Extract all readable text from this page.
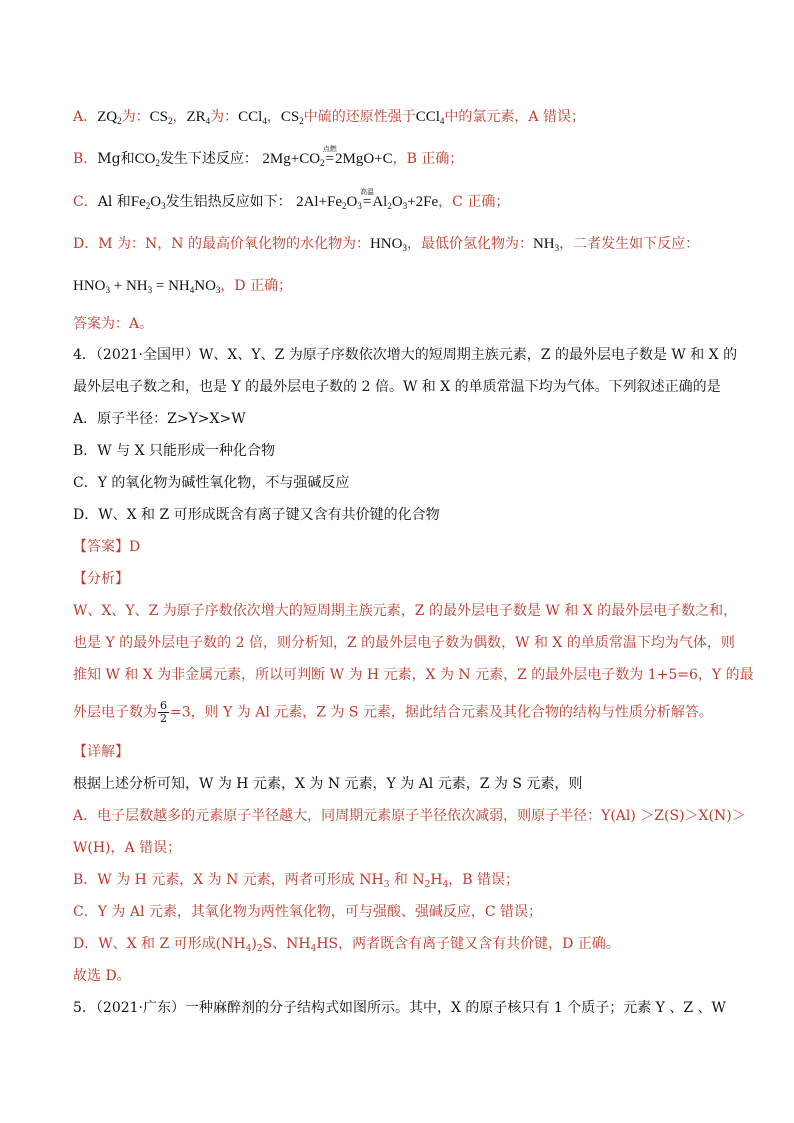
A．$ZQ_2$为：$CS_2$，$ZR_4$为：CCl$_4$，$CS_2$中硫的还原性强于CCl$_4$中的氯元素，A 错误；
B．Mg和$CO_2$发生下述反应： $2Mg+CO_2$
点燃
=2MgO+C，B 正确；
C．Al 和$Fe_2O_3$发生铝热反应如下： $2Al+Fe_2O_3$
高温
$=Al_2O_3+2Fe$，C 正确；
D．M 为：N，N 的最高价氧化物的水化物为：$HNO_3$，最低价氢化物为：$NH_3$，二者发生如下反应：
$HNO_3 + NH_3 = NH_4NO_3$，D 正确；
答案为：A。
4．（2021·全国甲）W、X、Y、Z 为原子序数依次增大的短周期主族元素，Z 的最外层电子数是 W 和 X 的
最外层电子数之和，也是 Y 的最外层电子数的 2 倍。W 和 X 的单质常温下均为气体。下列叙述正确的是
A．原子半径：Z>Y>X>W
B．W 与 X 只能形成一种化合物
C．Y 的氧化物为碱性氧化物，不与强碱反应
D．W、X 和 Z 可形成既含有离子键又含有共价键的化合物
【答案】D
【分析】
W、X、Y、Z 为原子序数依次增大的短周期主族元素，Z 的最外层电子数是 W 和 X 的最外层电子数之和，
也是 Y 的最外层电子数的 2 倍，则分析知，Z 的最外层电子数为偶数，W 和 X 的单质常温下均为气体，则
推知 W 和 X 为非金属元素，所以可判断 W 为 H 元素，X 为 N 元素，Z 的最外层电子数为 1+5=6，Y 的最
外层电子数为 $\frac{6}{2} =3$，则 Y 为 Al 元素，Z 为 S 元素，据此结合元素及其化合物的结构与性质分析解答。
【详解】
根据上述分析可知，W 为 H 元素，X 为 N 元素，Y 为 Al 元素，Z 为 S 元素，则
A．电子层数越多的元素原子半径越大，同周期元素原子半径依次减弱，则原子半径：Y(Al) ＞Z(S)＞X(N)＞
W(H)，A 错误；
B．W 为 H 元素，X 为 N 元素，两者可形成 $NH_3$ 和 $N_2H_4$，B 错误；
C．Y 为 Al 元素，其氧化物为两性氧化物，可与强酸、强碱反应，C 错误；
D．W、X 和 Z 可形成$(NH_4)_2S$、$NH_4HS$，两者既含有离子键又含有共价键，D 正确。
故选 D。
5．（2021·广东）一种麻醉剂的分子结构式如图所示。其中，X 的原子核只有 1 个质子；元素 Y 、Z 、W
